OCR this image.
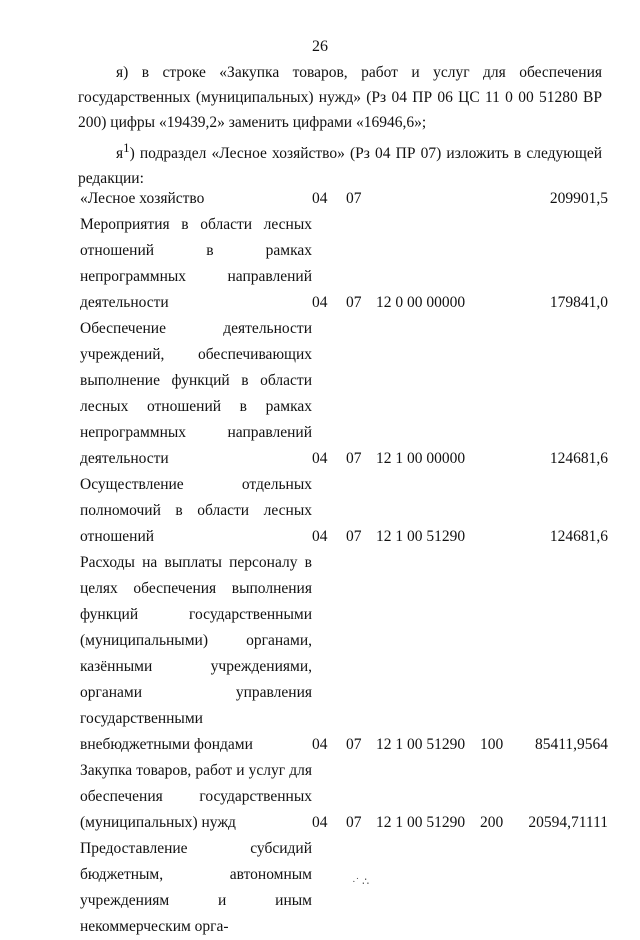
26
я) в строке «Закупка товаров, работ и услуг для обеспечения государственных (муниципальных) нужд» (Рз 04 ПР 06 ЦС 11 0 00 51280 ВР 200) цифры «19439,2» заменить цифрами «16946,6»;
$я^1$) подраздел «Лесное хозяйство» (Рз 04 ПР 07) изложить в следующей редакции:
«Лесное хозяйство	04	07			209901,5
Мероприятия в области лесных отношений в рамках непрограммных направлений деятельности	04	07	12 0 00 00000		179841,0
Обеспечение деятельности учреждений, обеспечивающих выполнение функций в области лесных отношений в рамках непрограммных направлений деятельности	04	07	12 1 00 00000		124681,6
Осуществление отдельных полномочий в области лесных отношений	04	07	12 1 00 51290		124681,6
Расходы на выплаты персоналу в целях обеспечения выполнения функций государственными (муниципальными) органами, казёнными учреждениями, органами управления государственными внебюджетными фондами	04	07	12 1 00 51290	100	85411,9564
Закупка товаров, работ и услуг для обеспечения государственных (муниципальных) нужд	04	07	12 1 00 51290	200	20594,71111
Предоставление субсидий бюджетным, автономным учреждениям и иным некоммерческим орга-					
·˙ ∴
